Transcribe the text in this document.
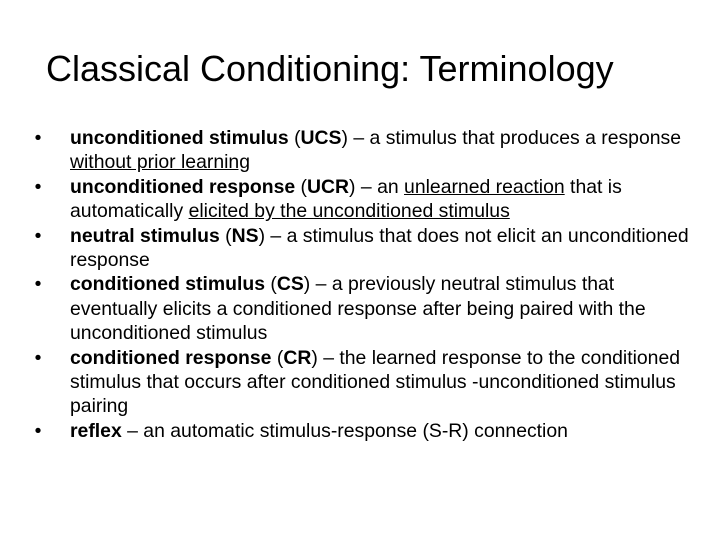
Classical Conditioning: Terminology
•	unconditioned stimulus (UCS) – a stimulus that produces a response without prior learning
•	unconditioned response (UCR) – an unlearned reaction that is automatically elicited by the unconditioned stimulus
•	neutral stimulus (NS) – a stimulus that does not elicit an unconditioned response
•	conditioned stimulus (CS) – a previously neutral stimulus that eventually elicits a conditioned response after being paired with the unconditioned stimulus
•	conditioned response (CR) – the learned response to the conditioned stimulus that occurs after conditioned stimulus -unconditioned stimulus pairing
•	reflex – an automatic stimulus-response (S-R) connection
